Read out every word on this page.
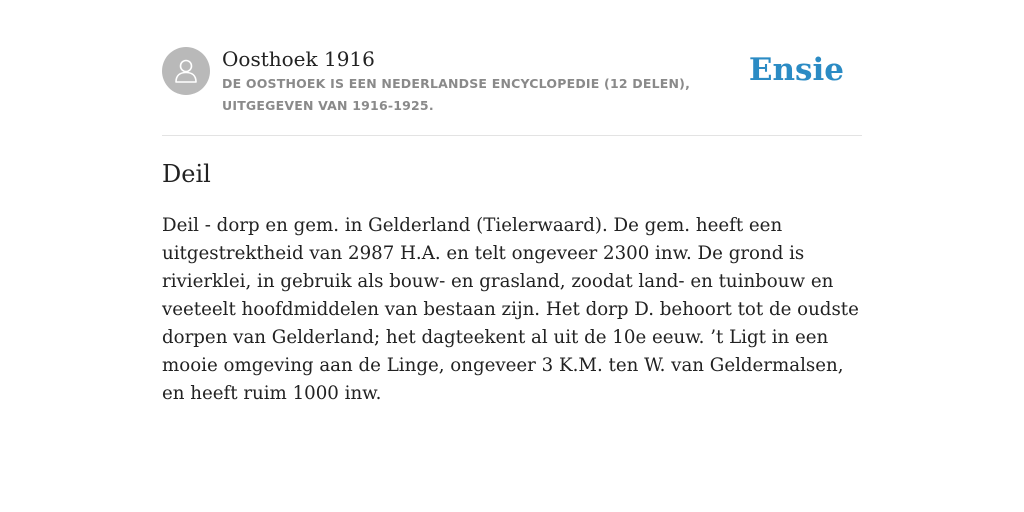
Oosthoek 1916
DE OOSTHOEK IS EEN NEDERLANDSE ENCYCLOPEDIE (12 DELEN), UITGEGEVEN VAN 1916-1925.
Ensie
Deil

Deil - dorp en gem. in Gelderland (Tielerwaard). De gem. heeft een uitgestrektheid van 2987 H.A. en telt ongeveer 2300 inw. De grond is rivierklei, in gebruik als bouw- en grasland, zoodat land- en tuinbouw en veeteelt hoofdmiddelen van bestaan zijn. Het dorp D. behoort tot de oudste dorpen van Gelderland; het dagteekent al uit de 10e eeuw. ’t Ligt in een mooie omgeving aan de Linge, ongeveer 3 K.M. ten W. van Geldermalsen, en heeft ruim 1000 inw.
